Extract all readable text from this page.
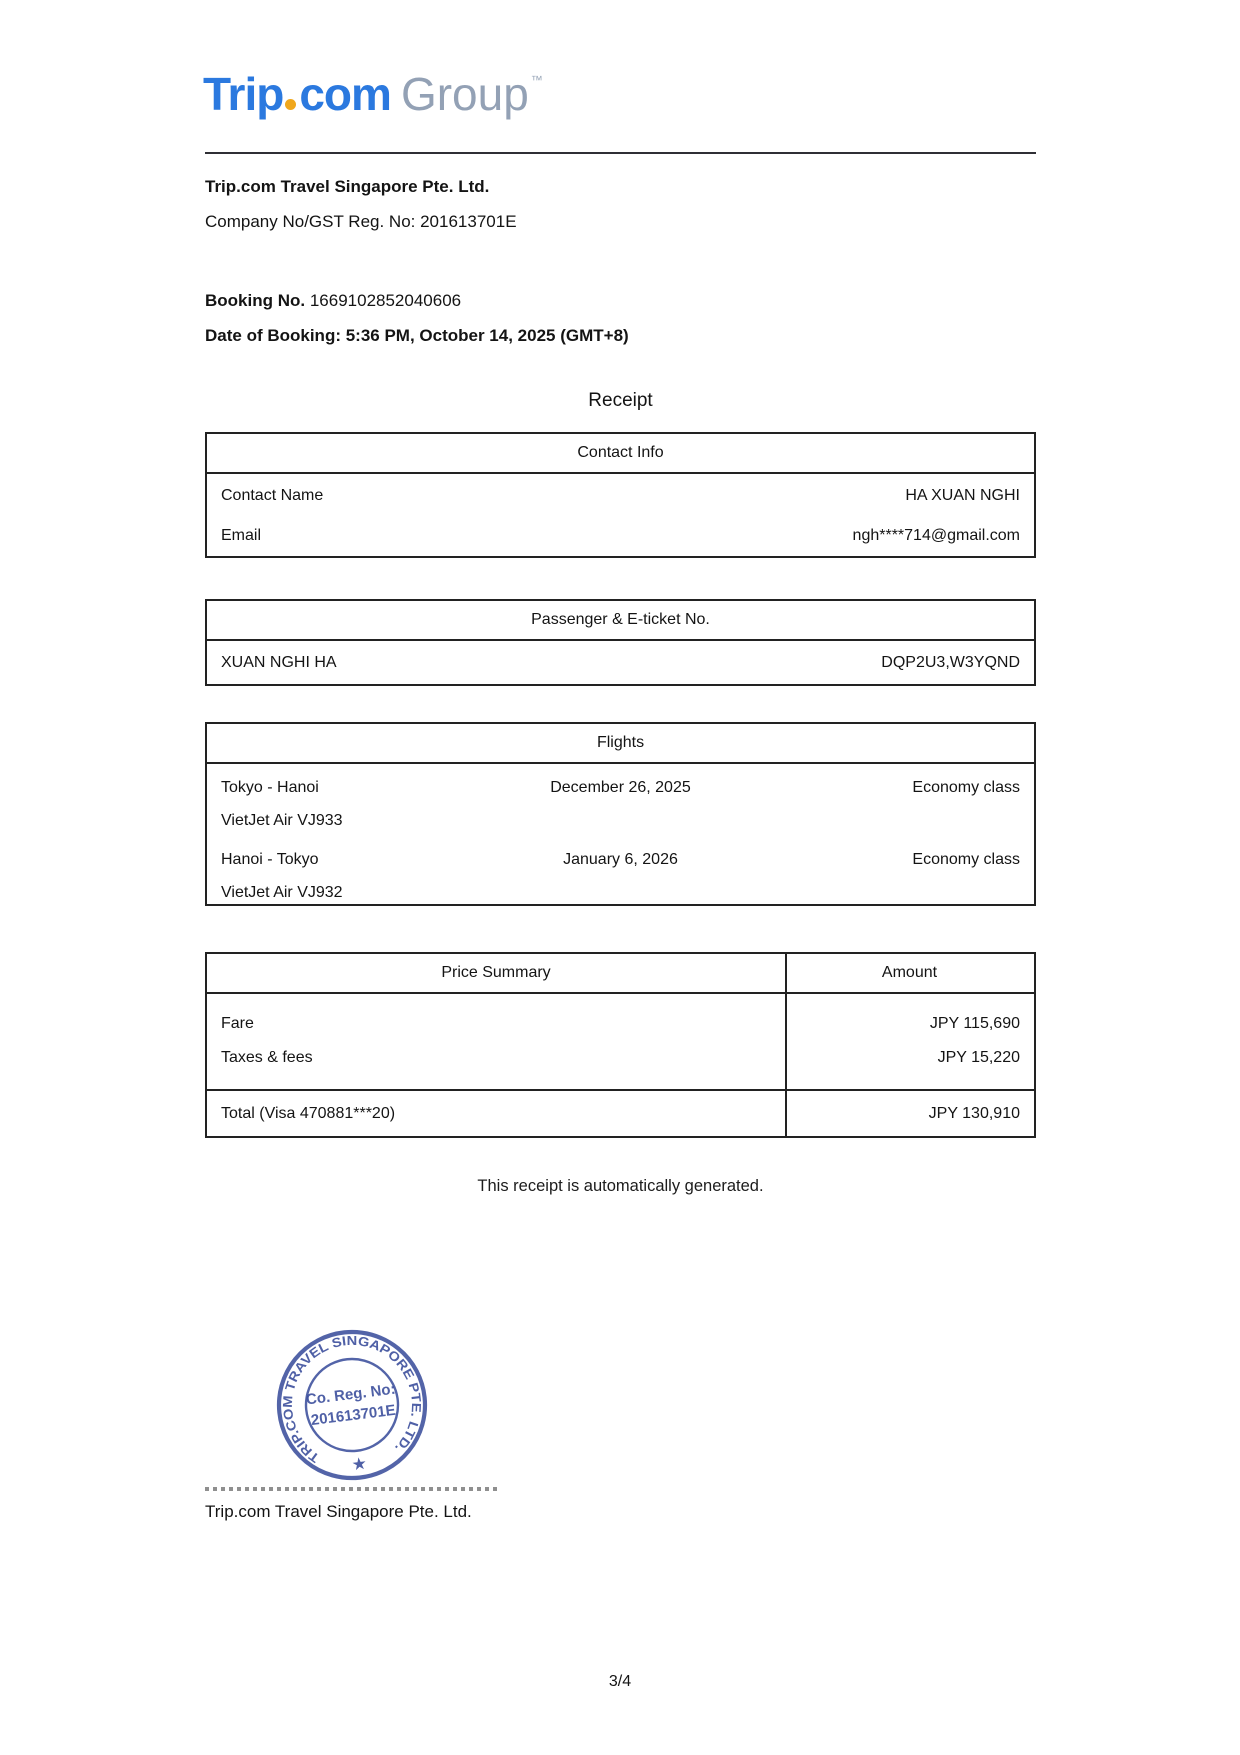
Trip com Group ™
Trip.com Travel Singapore Pte. Ltd.
Company No/GST Reg. No: 201613701E
Booking No. 1669102852040606
Date of Booking: 5:36 PM, October 14, 2025 (GMT+8)
Receipt
Contact Info
Contact Name	HA XUAN NGHI
Email	ngh****714@gmail.com
Passenger & E-ticket No.
XUAN NGHI HA	DQP2U3,W3YQND
Flights
Tokyo - Hanoi	December 26, 2025	Economy class
VietJet Air VJ933
Hanoi - Tokyo	January 6, 2026	Economy class
VietJet Air VJ932
Price Summary	Amount
Fare	JPY 115,690
Taxes & fees	JPY 15,220
Total (Visa 470881***20)	JPY 130,910
This receipt is automatically generated.
TRIP.COM TRAVEL SINGAPORE PTE. LTD.
Co. Reg. No:
201613701E
★
Trip.com Travel Singapore Pte. Ltd.
3/4
